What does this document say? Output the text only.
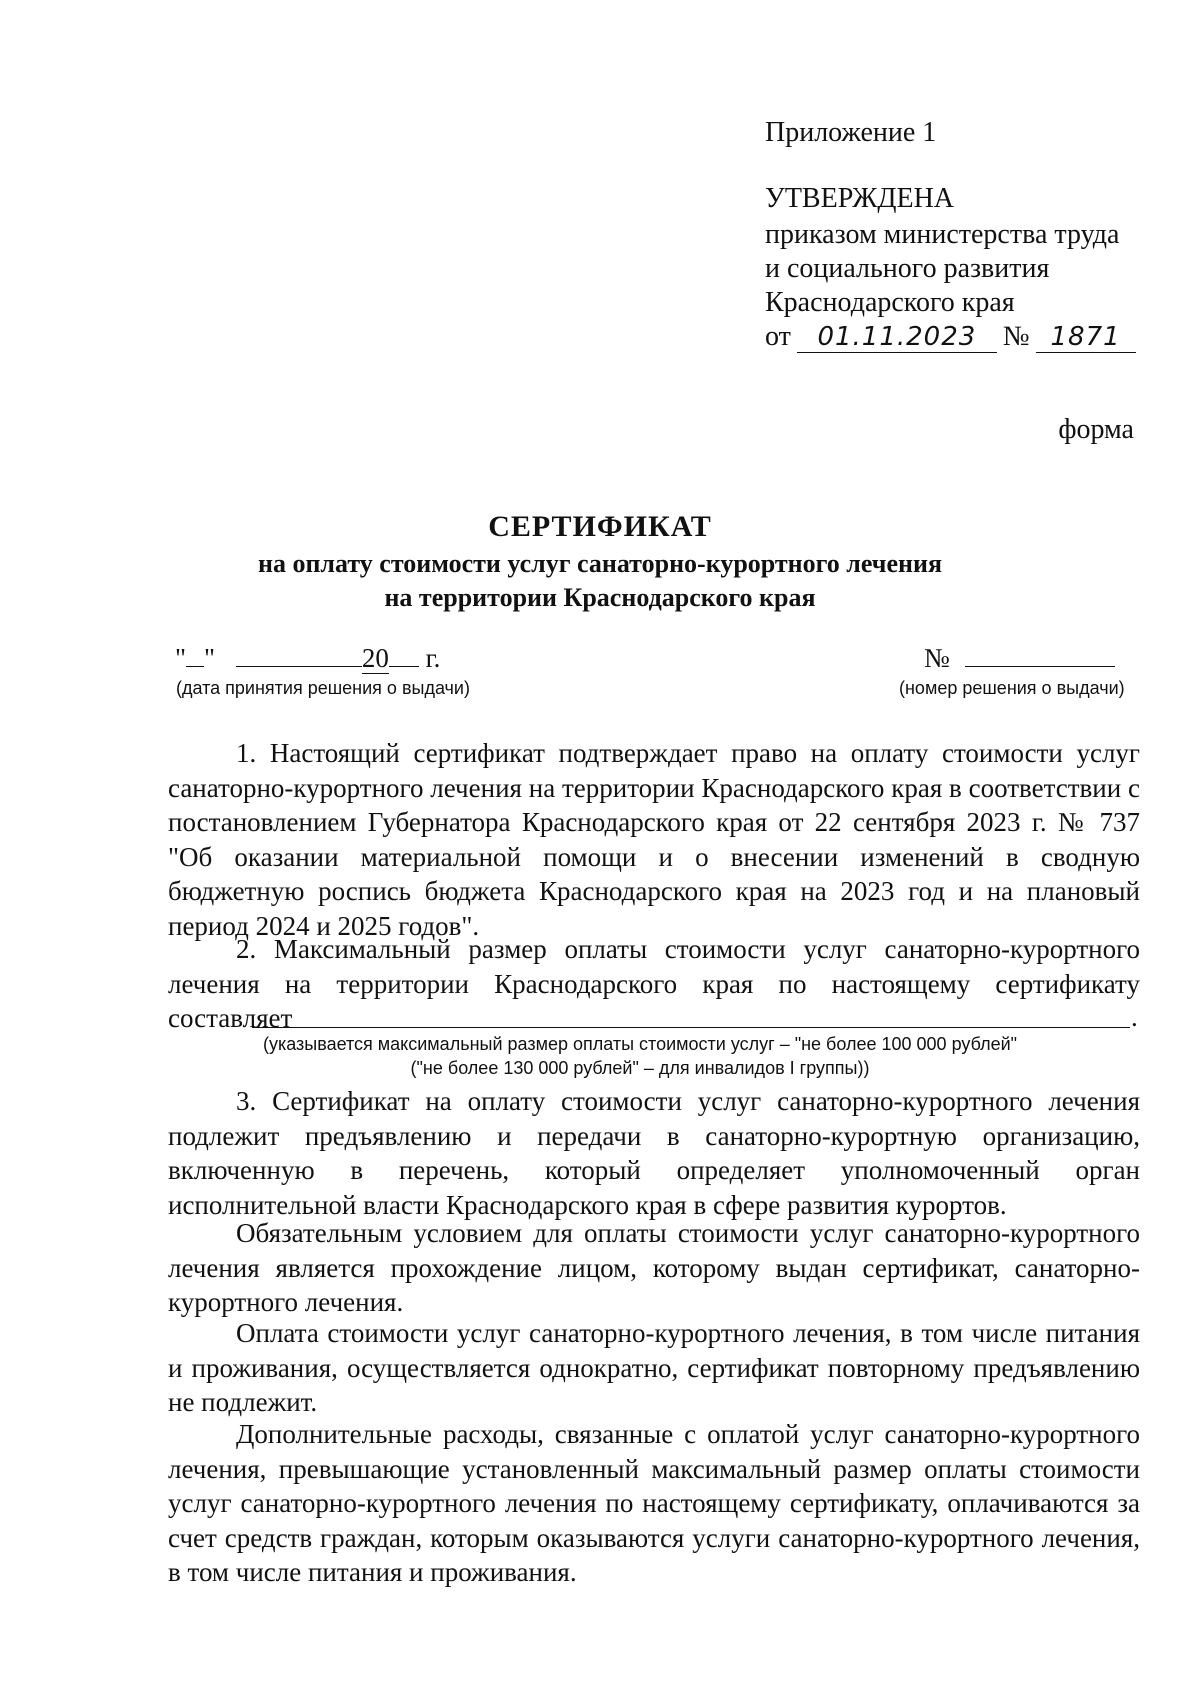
Приложение 1
УТВЕРЖДЕНА
приказом министерства труда
и социального развития
Краснодарского края
от 01.11.2023 № 1871
форма
СЕРТИФИКАТ
на оплату стоимости услуг санаторно-курортного лечения
на территории Краснодарского края
" "	20 г.
(дата принятия решения о выдачи)
№
(номер решения о выдачи)
1. Настоящий сертификат подтверждает право на оплату стоимости услуг санаторно-курортного лечения на территории Краснодарского края в соответствии с постановлением Губернатора Краснодарского края от 22 сентября 2023 г. № 737 "Об оказании материальной помощи и о внесении изменений в сводную бюджетную роспись бюджета Краснодарского края на 2023 год и на плановый период 2024 и 2025 годов".
2. Максимальный размер оплаты стоимости услуг санаторно-курортного лечения на территории Краснодарского края по настоящему сертификату составляет	.
(указывается максимальный размер оплаты стоимости услуг – "не более 100 000 рублей"
("не более 130 000 рублей" – для инвалидов I группы))
3. Сертификат на оплату стоимости услуг санаторно-курортного лечения подлежит предъявлению и передачи в санаторно-курортную организацию, включенную в перечень, который определяет уполномоченный орган исполнительной власти Краснодарского края в сфере развития курортов.
Обязательным условием для оплаты стоимости услуг санаторно-курортного лечения является прохождение лицом, которому выдан сертификат, санаторно-курортного лечения.
Оплата стоимости услуг санаторно-курортного лечения, в том числе питания и проживания, осуществляется однократно, сертификат повторному предъявлению не подлежит.
Дополнительные расходы, связанные с оплатой услуг санаторно-курортного лечения, превышающие установленный максимальный размер оплаты стоимости услуг санаторно-курортного лечения по настоящему сертификату, оплачиваются за счет средств граждан, которым оказываются услуги санаторно-курортного лечения, в том числе питания и проживания.
